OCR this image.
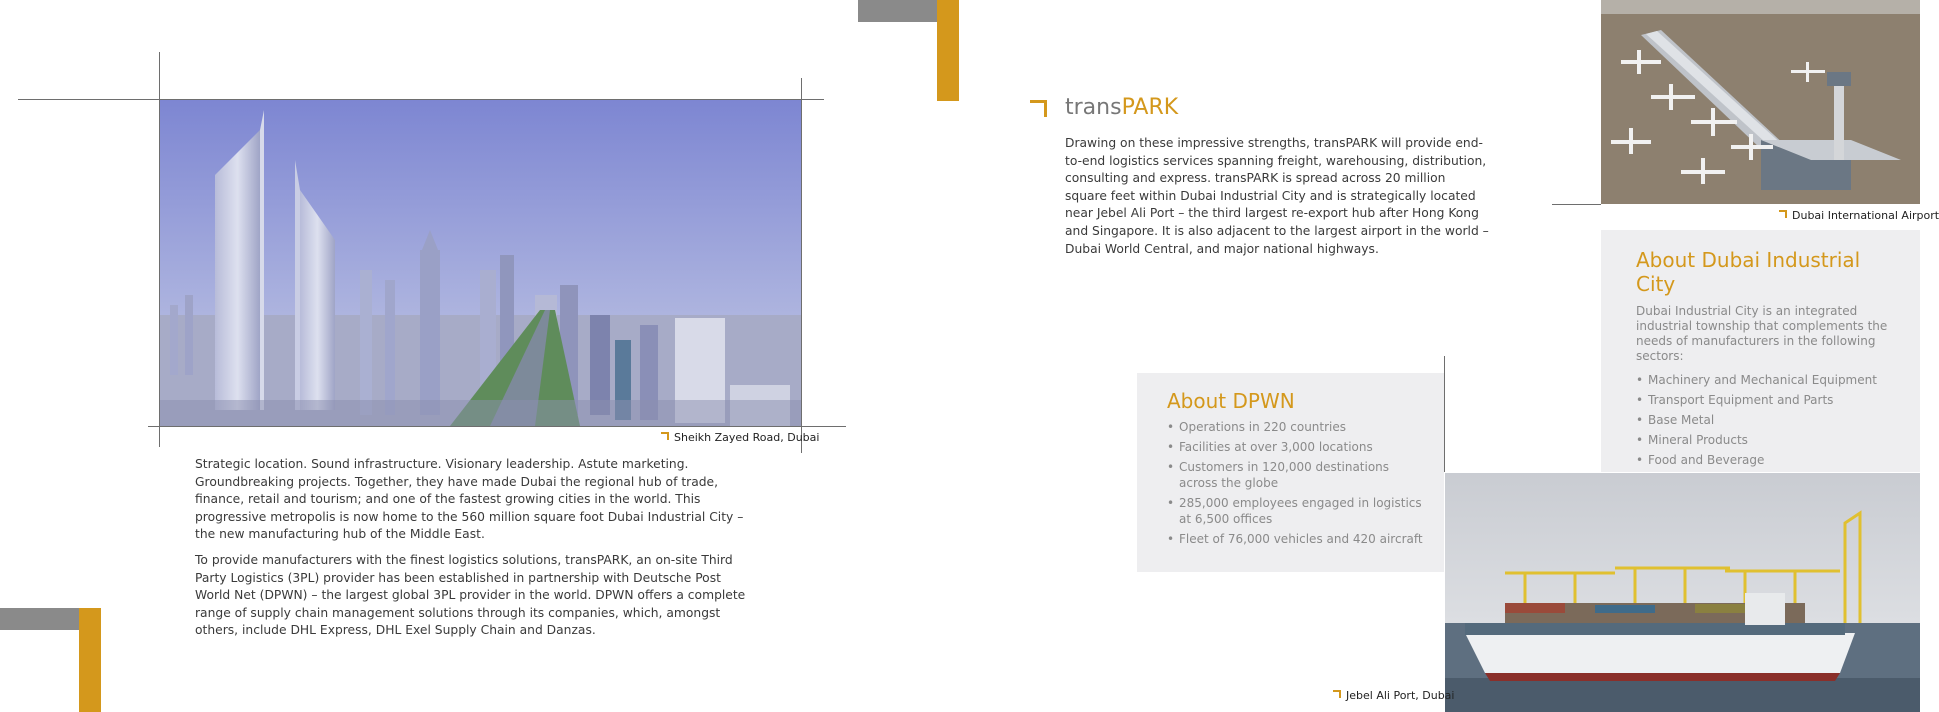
Sheikh Zayed Road, Dubai

Strategic location. Sound infrastructure. Visionary leadership. Astute marketing. Groundbreaking projects. Together, they have made Dubai the regional hub of trade, finance, retail and tourism; and one of the fastest growing cities in the world. This progressive metropolis is now home to the 560 million square foot Dubai Industrial City – the new manufacturing hub of the Middle East.

To provide manufacturers with the finest logistics solutions, transPARK, an on-site Third Party Logistics (3PL) provider has been established in partnership with Deutsche Post World Net (DPWN) – the largest global 3PL provider in the world. DPWN offers a complete range of supply chain management solutions through its companies, which, amongst others, include DHL Express, DHL Exel Supply Chain and Danzas.

transPARK
Drawing on these impressive strengths, transPARK will provide end-to-end logistics services spanning freight, warehousing, distribution, consulting and express. transPARK is spread across 20 million square feet within Dubai Industrial City and is strategically located near Jebel Ali Port – the third largest re-export hub after Hong Kong and Singapore. It is also adjacent to the largest airport in the world – Dubai World Central, and major national highways.
Dubai International Airport
About Dubai Industrial City
Dubai Industrial City is an integrated industrial township that complements the needs of manufacturers in the following sectors:
• Machinery and Mechanical Equipment
• Transport Equipment and Parts
• Base Metal
• Mineral Products
• Food and Beverage
•
About DPWN
• Operations in 220 countries
• Facilities at over 3,000 locations
• Customers in 120,000 destinations across the globe
• 285,000 employees engaged in logistics at 6,500 offices
• Fleet of 76,000 vehicles and 420 aircraft
Jebel Ali Port, Dubai
